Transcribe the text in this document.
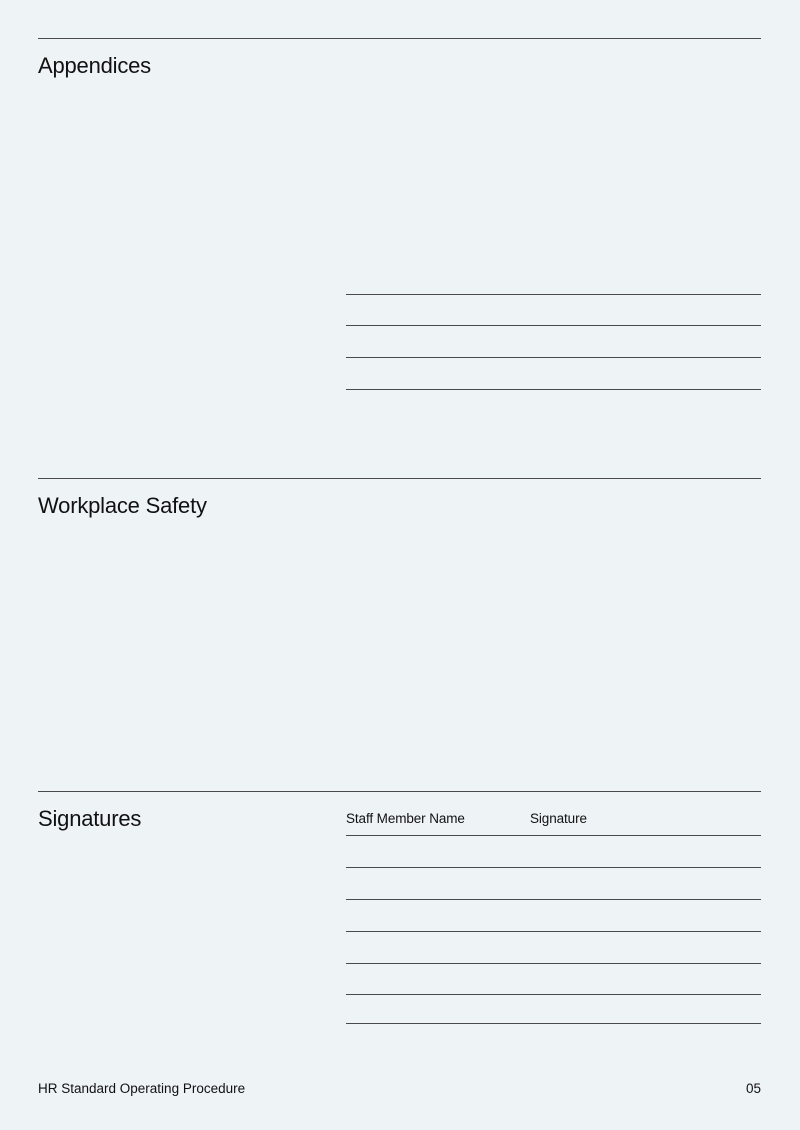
Appendices
Workplace Safety
Signatures	Staff Member Name	Signature
HR Standard Operating Procedure	05
